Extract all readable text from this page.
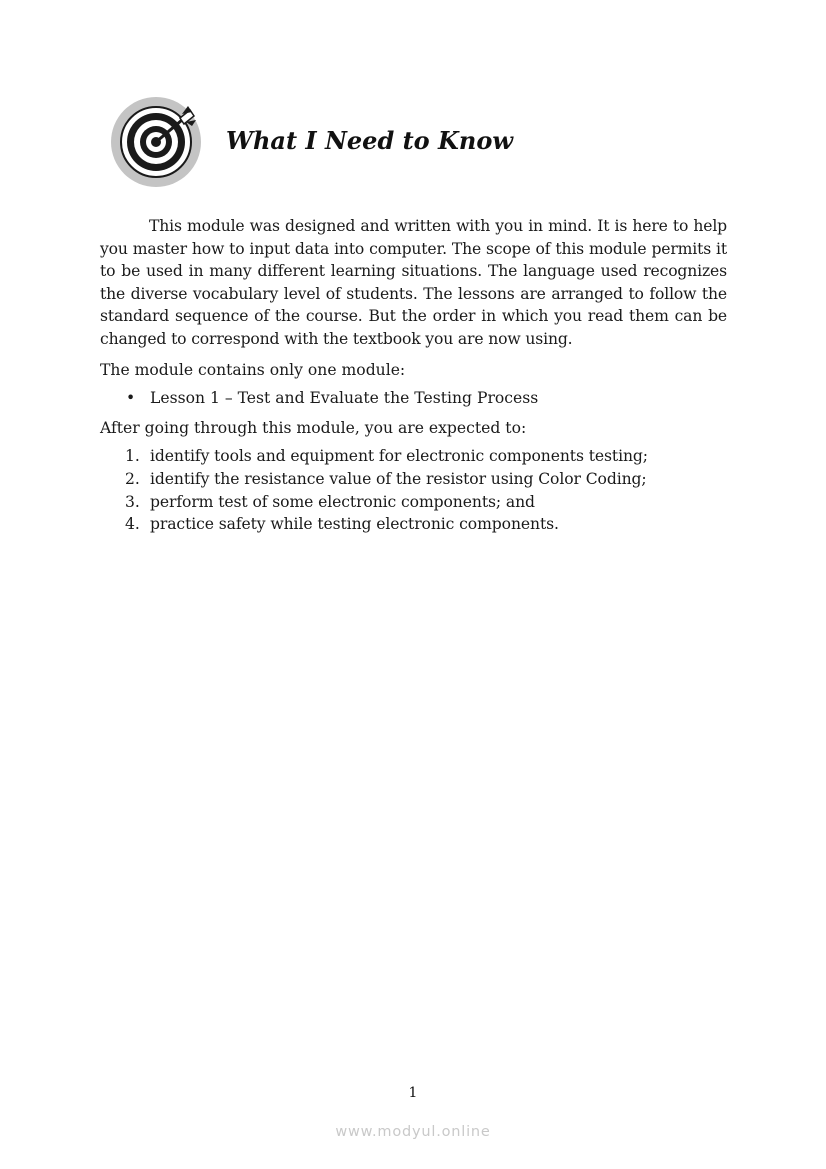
What I Need to Know

This module was designed and written with you in mind. It is here to help you master how to input data into computer. The scope of this module permits it to be used in many different learning situations. The language used recognizes the diverse vocabulary level of students. The lessons are arranged to follow the standard sequence of the course. But the order in which you read them can be changed to correspond with the textbook you are now using.

The module contains only one module:

• Lesson 1 – Test and Evaluate the Testing Process

After going through this module, you are expected to:

1. identify tools and equipment for electronic components testing;
2. identify the resistance value of the resistor using Color Coding;
3. perform test of some electronic components; and
4. practice safety while testing electronic components.
1
www.modyul.online
